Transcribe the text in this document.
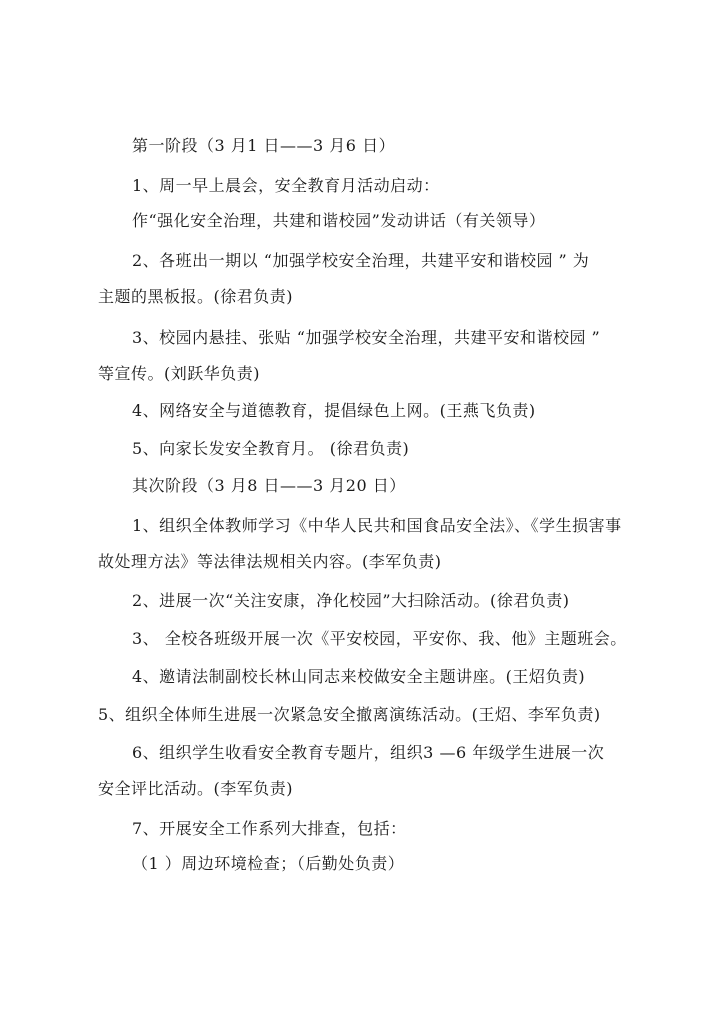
第一阶段（3 月1 日——3 月6 日）
1、周一早上晨会，安全教育月活动启动：
作“强化安全治理，共建和谐校园”发动讲话（有关领导）
2、各班出一期以 “加强学校安全治理，共建平安和谐校园 ” 为
主题的黑板报。(徐君负责)
3、校园内悬挂、张贴 “加强学校安全治理，共建平安和谐校园 ”
等宣传。(刘跃华负责)
4、网络安全与道德教育，提倡绿色上网。(王燕飞负责)
5、向家长发安全教育月。 (徐君负责)
其次阶段（3 月8 日——3 月20 日）
1、组织全体教师学习《中华人民共和国食品安全法》、《学生损害事
故处理方法》等法律法规相关内容。(李军负责)
2、进展一次“关注安康，净化校园”大扫除活动。(徐君负责)
3、 全校各班级开展一次《平安校园，平安你、我、他》主题班会。
4、邀请法制副校长林山同志来校做安全主题讲座。(王炤负责)
5、组织全体师生进展一次紧急安全撤离演练活动。(王炤、李军负责)
6、组织学生收看安全教育专题片，组织3 —6 年级学生进展一次
安全评比活动。(李军负责)
7、开展安全工作系列大排查，包括：
（1 ）周边环境检查；（后勤处负责）
